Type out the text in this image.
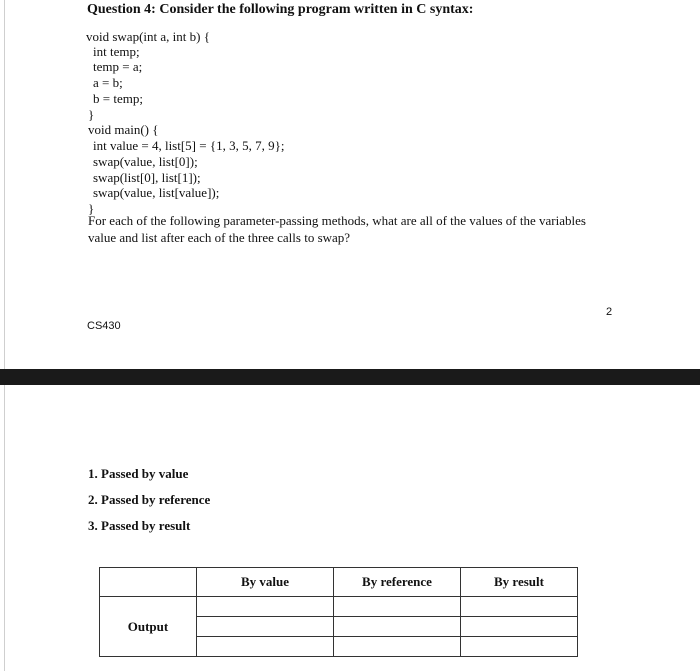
Question 4: Consider the following program written in C syntax:
void swap(int a, int b) {
int temp;
temp = a;
a = b;
b = temp;
}
void main() {
int value = 4, list[5] = {1, 3, 5, 7, 9};
swap(value, list[0]);
swap(list[0], list[1]);
swap(value, list[value]);
}
For each of the following parameter-passing methods, what are all of the values of the variables
value and list after each of the three calls to swap?
2
CS430
1. Passed by value
2. Passed by reference
3. Passed by result
	By value	By reference	By result
Output			
